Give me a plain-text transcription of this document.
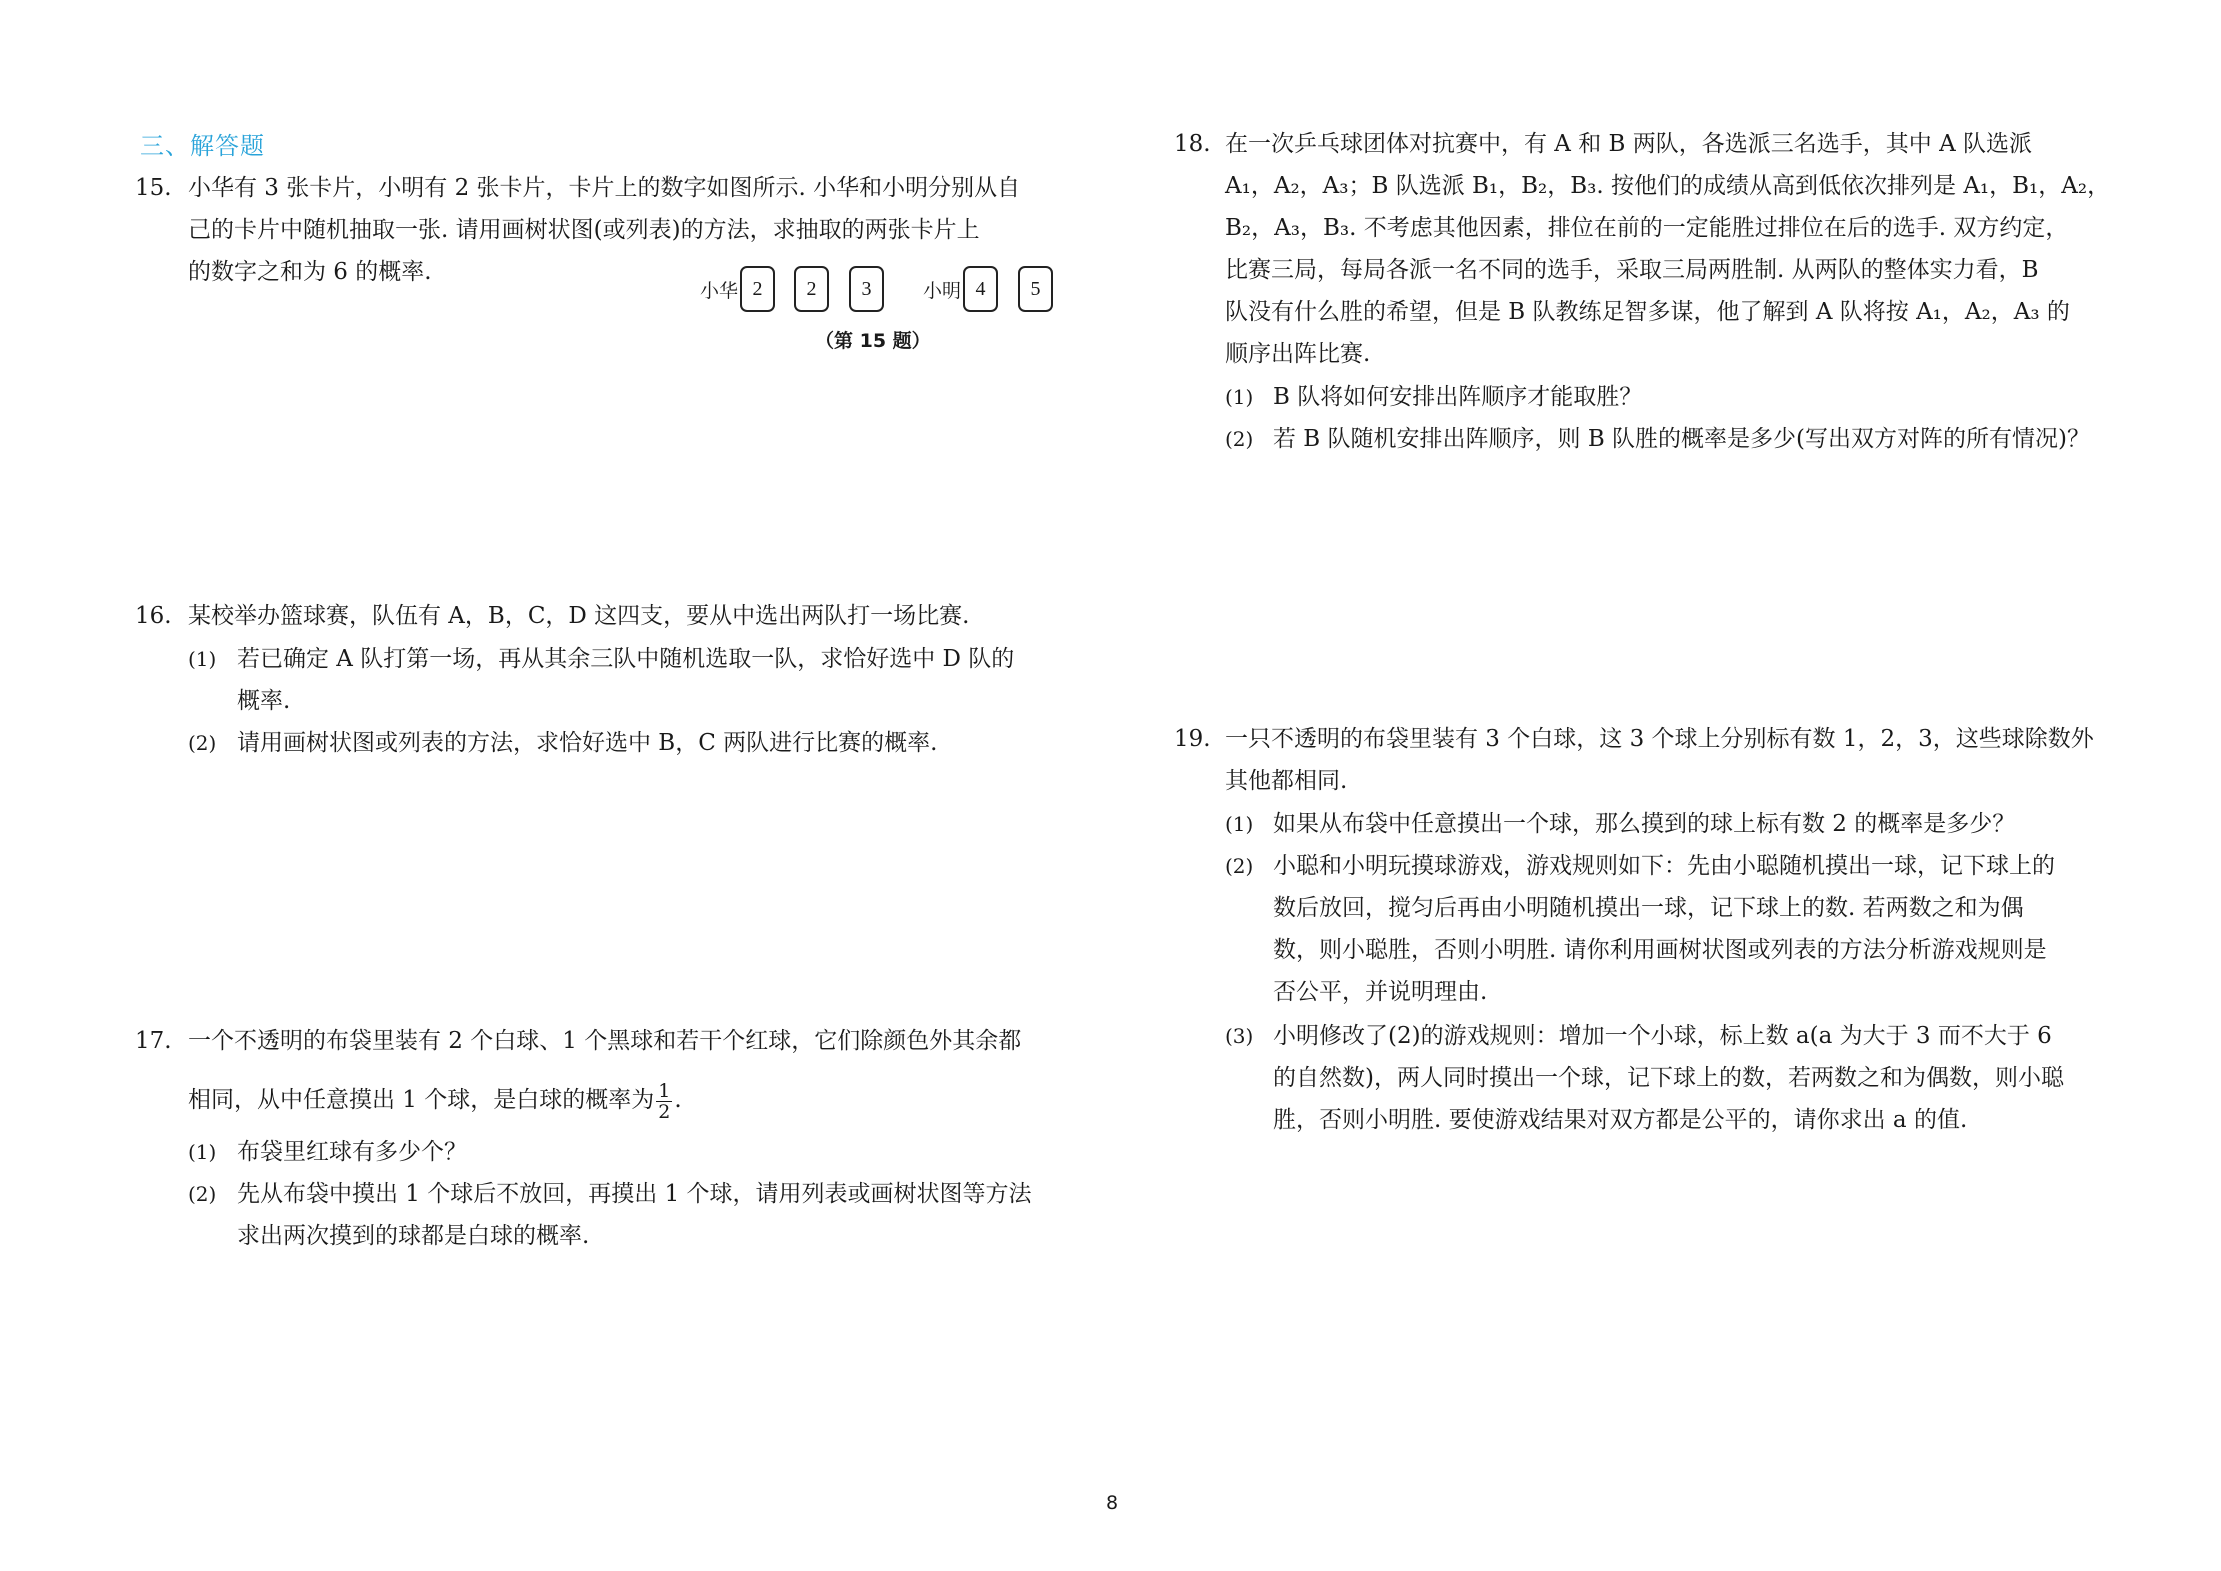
三、解答题
15. 小华有 3 张卡片，小明有 2 张卡片，卡片上的数字如图所示. 小华和小明分别从自
己的卡片中随机抽取一张. 请用画树状图(或列表)的方法，求抽取的两张卡片上
的数字之和为 6 的概率.
小华 2	2	3	小明 4	5
（第 15 题）
16. 某校举办篮球赛，队伍有 A，B，C，D 这四支，要从中选出两队打一场比赛.
(1) 若已确定 A 队打第一场，再从其余三队中随机选取一队，求恰好选中 D 队的
概率.
(2) 请用画树状图或列表的方法，求恰好选中 B，C 两队进行比赛的概率.
17. 一个不透明的布袋里装有 2 个白球、1 个黑球和若干个红球，它们除颜色外其余都
相同，从中任意摸出 1 个球，是白球的概率为 $\frac{1}{2}$ .
(1) 布袋里红球有多少个？
(2) 先从布袋中摸出 1 个球后不放回，再摸出 1 个球，请用列表或画树状图等方法
求出两次摸到的球都是白球的概率.
18. 在一次乒乓球团体对抗赛中，有 A 和 B 两队，各选派三名选手，其中 A 队选派
A₁，A₂，A₃；B 队选派 B₁，B₂，B₃. 按他们的成绩从高到低依次排列是 A₁，B₁，A₂，
B₂，A₃，B₃. 不考虑其他因素，排位在前的一定能胜过排位在后的选手. 双方约定，
比赛三局，每局各派一名不同的选手，采取三局两胜制. 从两队的整体实力看，B
队没有什么胜的希望，但是 B 队教练足智多谋，他了解到 A 队将按 A₁，A₂，A₃ 的
顺序出阵比赛.
(1) B 队将如何安排出阵顺序才能取胜？
(2) 若 B 队随机安排出阵顺序，则 B 队胜的概率是多少(写出双方对阵的所有情况)？
19. 一只不透明的布袋里装有 3 个白球，这 3 个球上分别标有数 1，2，3，这些球除数外
其他都相同.
(1) 如果从布袋中任意摸出一个球，那么摸到的球上标有数 2 的概率是多少？
(2) 小聪和小明玩摸球游戏，游戏规则如下：先由小聪随机摸出一球，记下球上的
数后放回，搅匀后再由小明随机摸出一球，记下球上的数. 若两数之和为偶
数，则小聪胜，否则小明胜. 请你利用画树状图或列表的方法分析游戏规则是
否公平，并说明理由.
(3) 小明修改了(2)的游戏规则：增加一个小球，标上数 a(a 为大于 3 而不大于 6
的自然数)，两人同时摸出一个球，记下球上的数，若两数之和为偶数，则小聪
胜，否则小明胜. 要使游戏结果对双方都是公平的，请你求出 a 的值.
8
